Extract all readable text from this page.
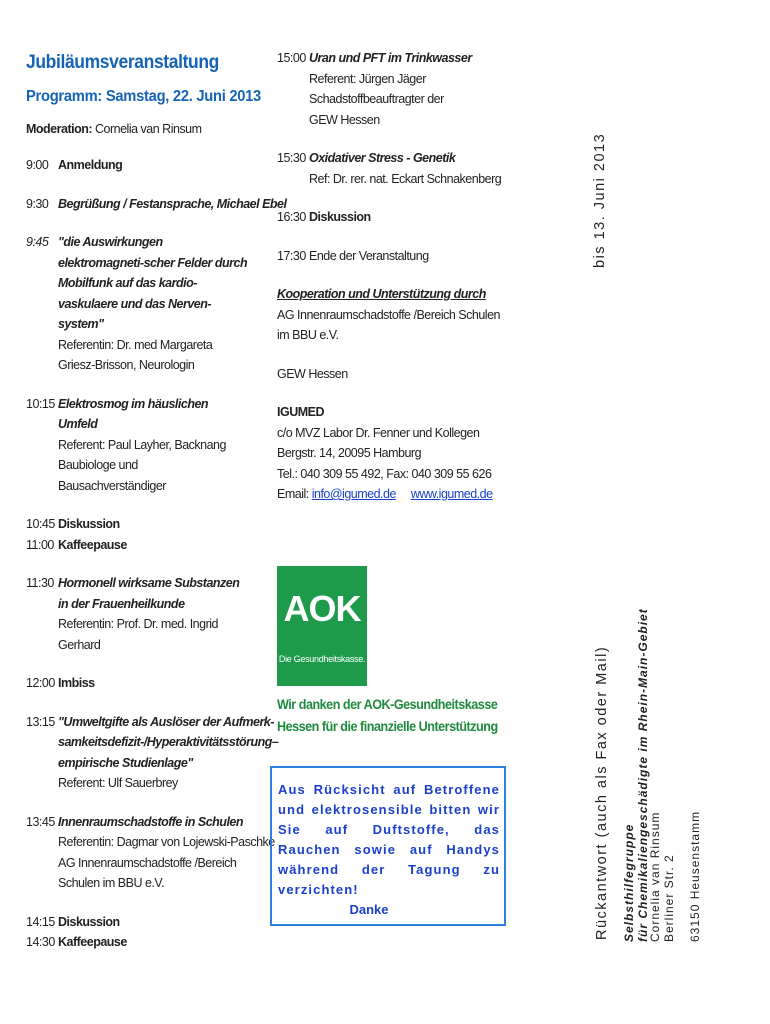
Jubiläumsveranstaltung
Programm: Samstag, 22. Juni 2013
Moderation: Cornelia van Rinsum
9:00 Anmeldung
9:30 Begrüßung / Festansprache, Michael Ebel
9:45 "die Auswirkungen elektromagneti-scher Felder durch Mobilfunk auf das kardio-vaskulaere und das Nerven-system"
Referentin: Dr. med Margareta Griesz-Brisson, Neurologin
10:15 Elektrosmog im häuslichen Umfeld
Referent: Paul Layher, Backnang
Baubiologe und Bausachverständiger
10:45 Diskussion
11:00 Kaffeepause
11:30 Hormonell wirksame Substanzen in der Frauenheilkunde
Referentin: Prof. Dr. med. Ingrid Gerhard
12:00 Imbiss
13:15 "Umweltgifte als Auslöser der Aufmerk-samkeitsdefizit-/Hyperaktivitätsstörung– empirische Studienlage"
Referent: Ulf Sauerbrey
13:45 Innenraumschadstoffe in Schulen
Referentin: Dagmar von Lojewski-Paschke
AG Innenraumschadstoffe /Bereich Schulen im BBU e.V.
14:15 Diskussion
14:30 Kaffeepause
15:00 Uran und PFT im Trinkwasser
Referent: Jürgen Jäger
Schadstoffbeauftragter der GEW Hessen
15:30 Oxidativer Stress - Genetik
Ref: Dr. rer. nat. Eckart Schnakenberg
16:30 Diskussion
17:30 Ende der Veranstaltung
Kooperation und Unterstützung durch
AG Innenraumschadstoffe /Bereich Schulen im BBU e.V.
GEW Hessen
IGUMED
c/o MVZ Labor Dr. Fenner und Kollegen
Bergstr. 14, 20095 Hamburg
Tel.: 040 309 55 492, Fax: 040 309 55 626
Email: info@igumed.de www.igumed.de
AOK
Die Gesundheitskasse.
Wir danken der AOK-Gesundheitskasse
Hessen für die finanzielle Unterstützung
Aus Rücksicht auf Betroffene und elektrosensible bitten wir Sie auf Duftstoffe, das Rauchen sowie auf Handys während der Tagung zu verzichten!
Danke
bis 13. Juni 2013
Rückantwort (auch als Fax oder Mail) Selbsthilfegruppe für Chemikaliengeschädigte im Rhein-Main-Gebiet
Cornelia van Rinsum Berliner Str. 2 63150 Heusenstamm
